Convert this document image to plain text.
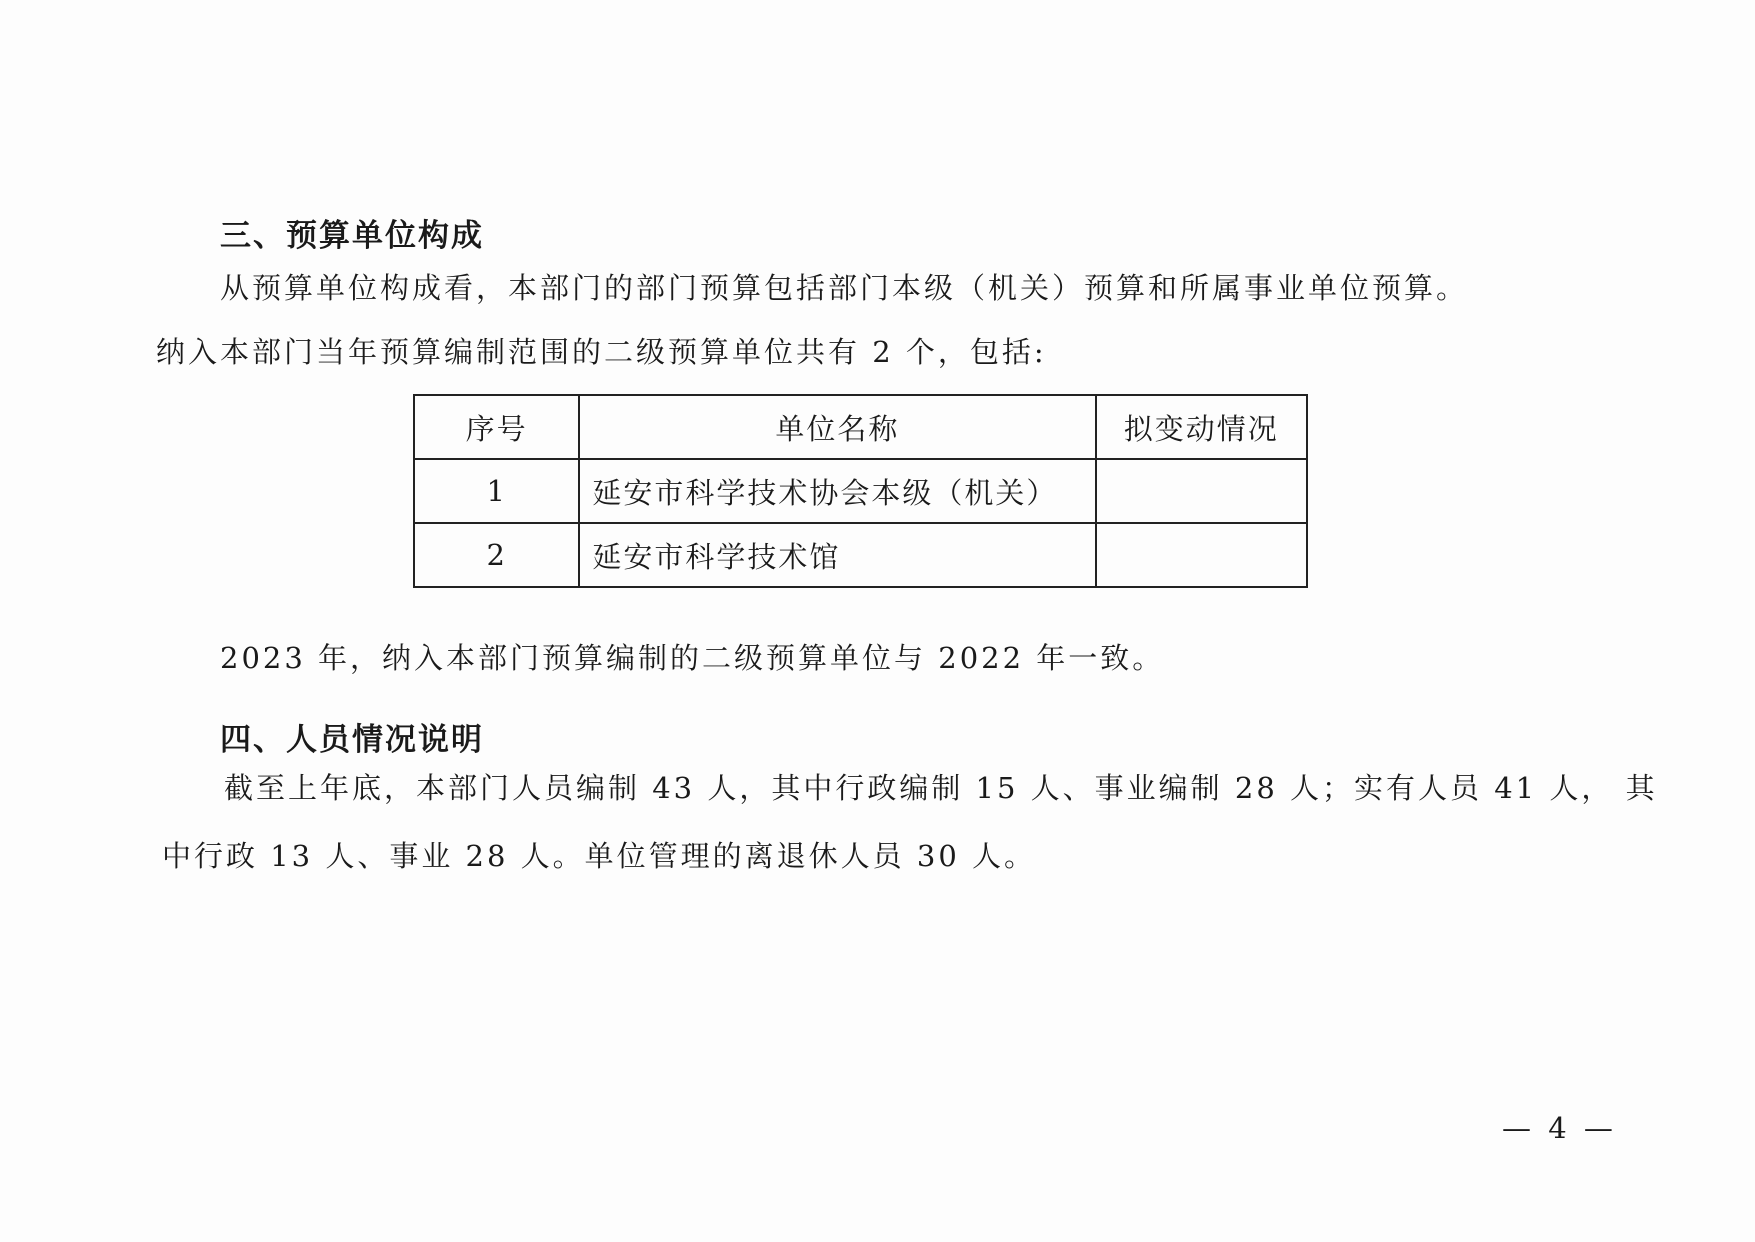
三、预算单位构成
从预算单位构成看，本部门的部门预算包括部门本级（机关）预算和所属事业单位预算。
纳入本部门当年预算编制范围的二级预算单位共有 2 个，包括:
序号	单位名称	拟变动情况
1	延安市科学技术协会本级（机关）	
2	延安市科学技术馆	
2023 年，纳入本部门预算编制的二级预算单位与 2022 年一致。
四、人员情况说明
截至上年底，本部门人员编制 43 人，其中行政编制 15 人、事业编制 28 人；实有人员 41 人， 其
中行政 13 人、事业 28 人。单位管理的离退休人员 30 人。
— 4 —
